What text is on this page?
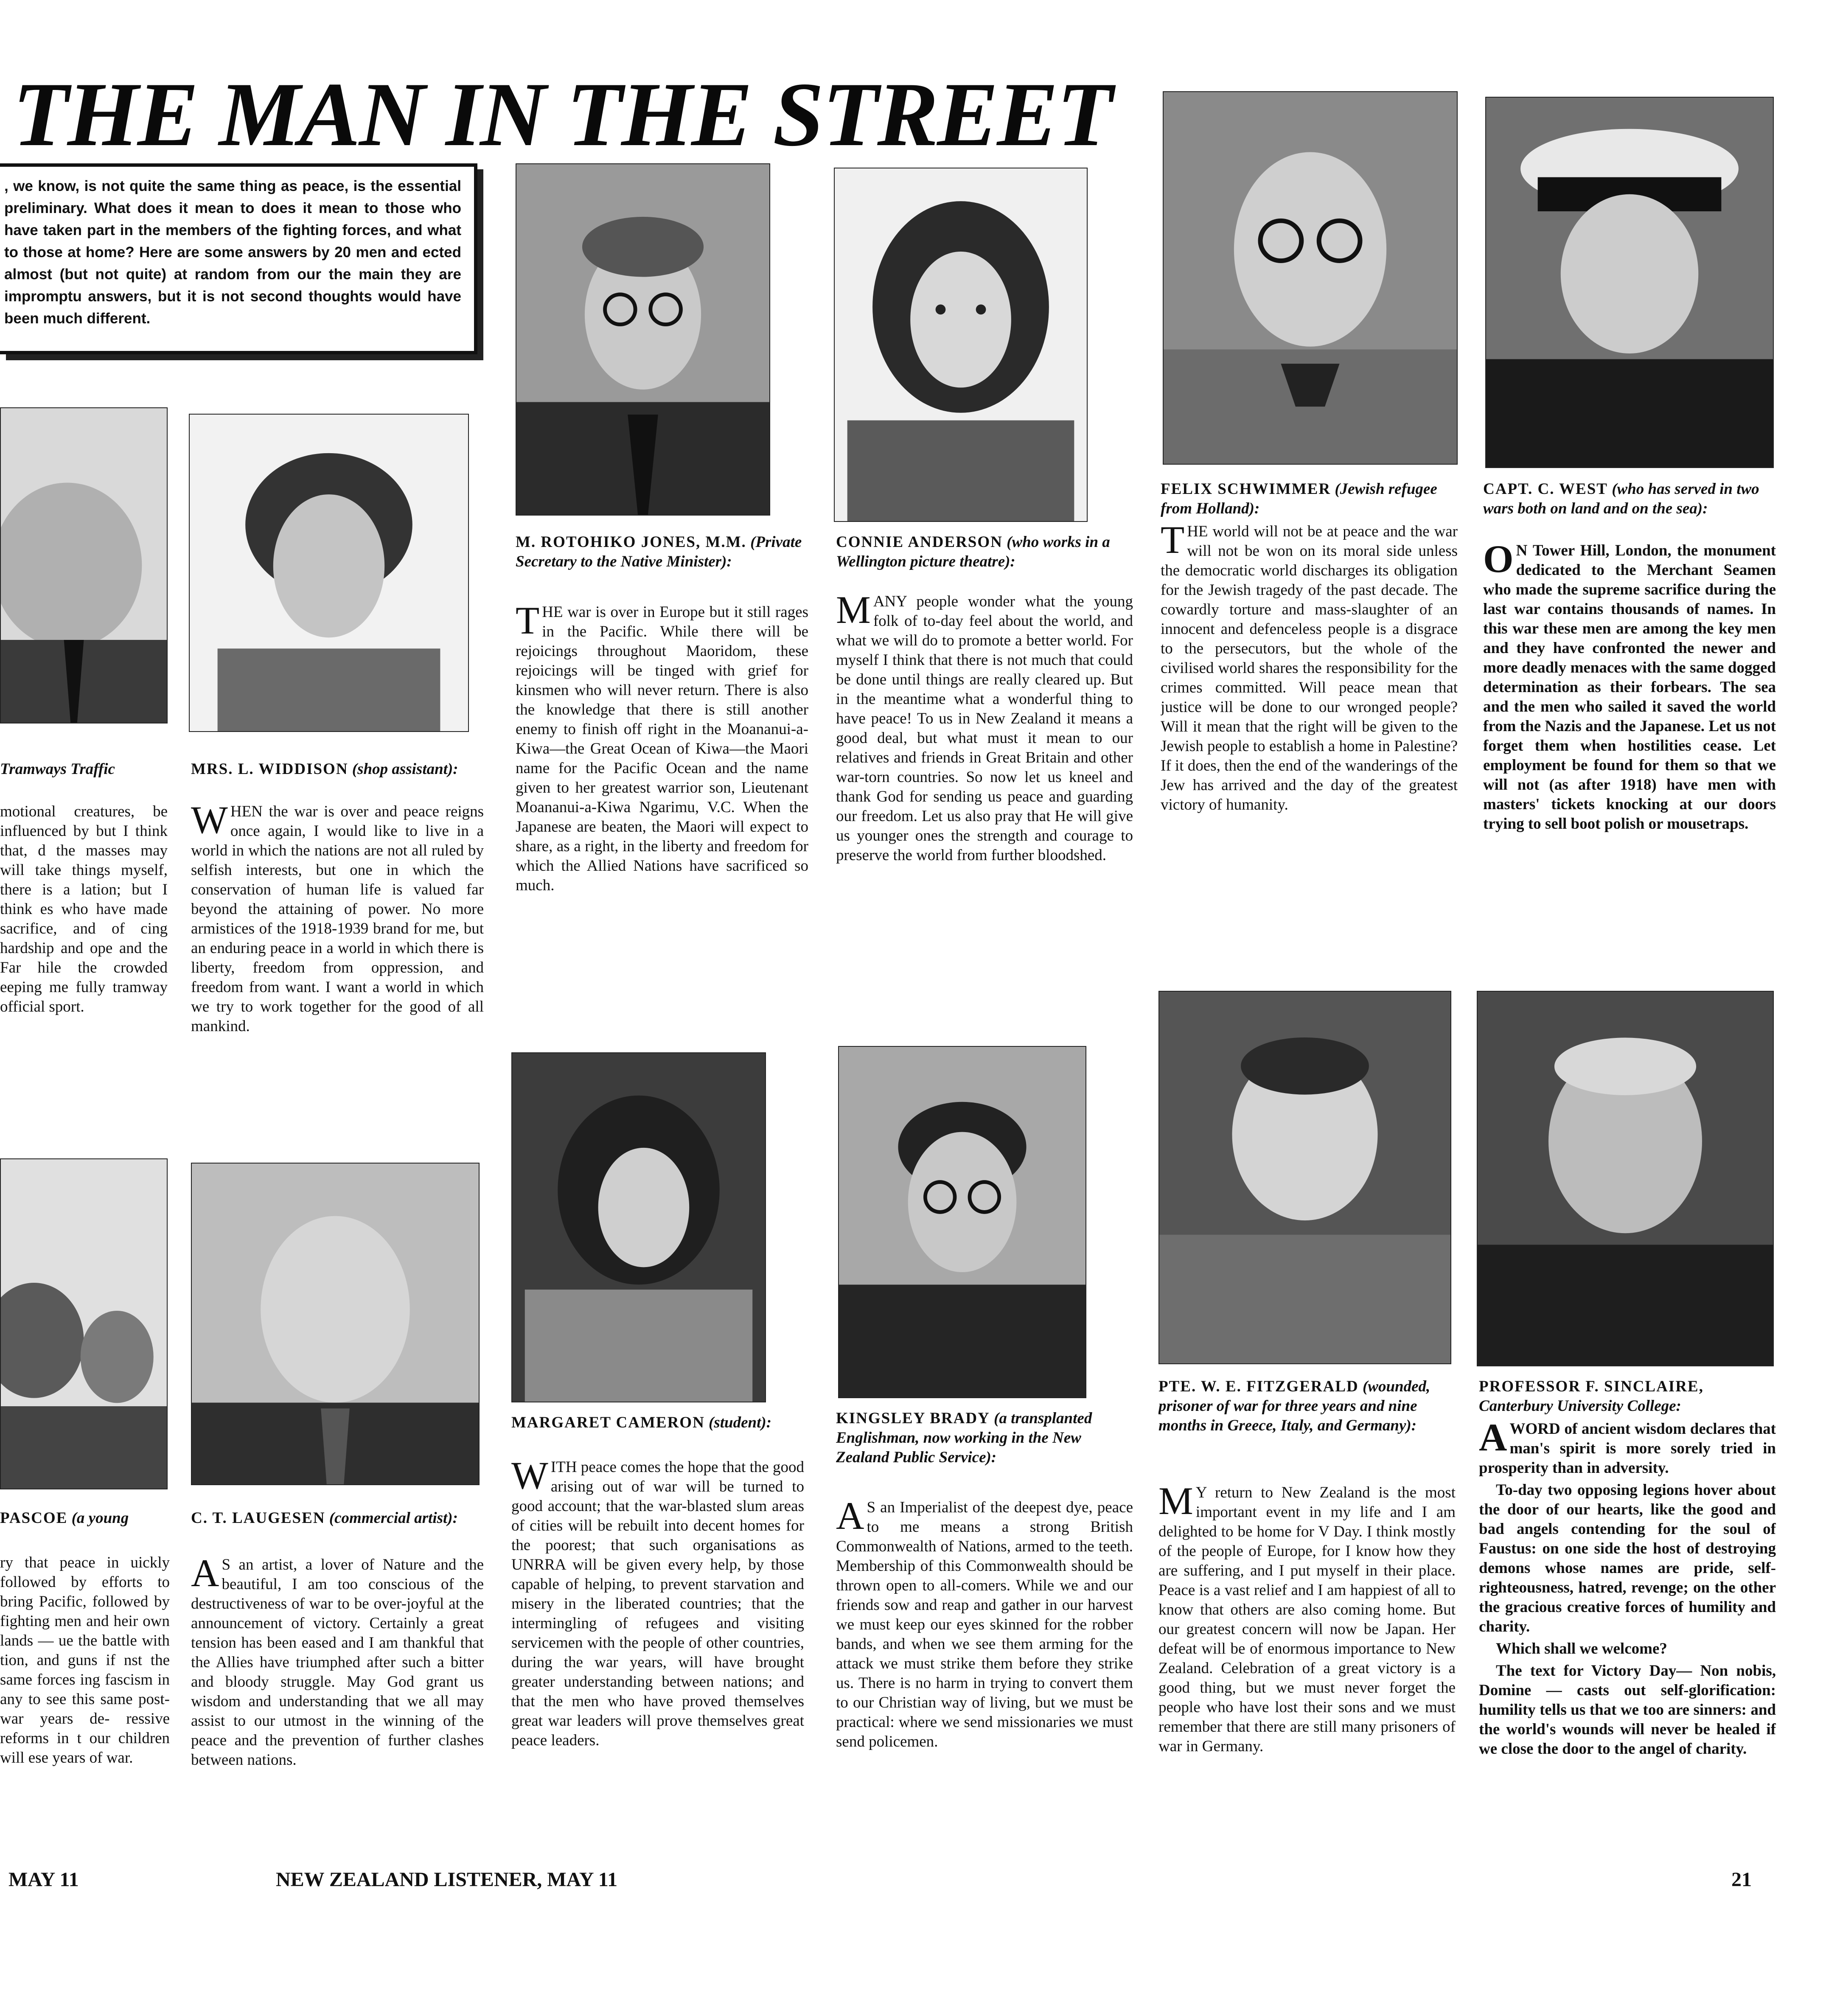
THE MAN IN THE STREET
, we know, is not quite the same thing as peace, is the essential preliminary. What does it mean to does it mean to those who have taken part in the members of the fighting forces, and what to those at home? Here are some answers by 20 men and ected almost (but not quite) at random from our the main they are impromptu answers, but it is not second thoughts would have been much different.
Tramways Traffic

motional creatures, be influenced by but I think that, d the masses may will take things myself, there is a lation; but I think es who have made sacrifice, and of cing hardship and ope and the Far hile the crowded eeping me fully tramway official sport.

MRS. L. WIDDISON (shop assistant):

WHEN the war is over and peace reigns once again, I would like to live in a world in which the nations are not all ruled by selfish interests, but one in which the conservation of human life is valued far beyond the attaining of power. No more armistices of the 1918-1939 brand for me, but an enduring peace in a world in which there is liberty, freedom from oppression, and freedom from want. I want a world in which we try to work together for the good of all mankind.

M. ROTOHIKO JONES, M.M. (Private Secretary to the Native Minister):

THE war is over in Europe but it still rages in the Pacific. While there will be rejoicings throughout Maoridom, these rejoicings will be tinged with grief for kinsmen who will never return. There is also the knowledge that there is still another enemy to finish off right in the Moananui-a-Kiwa—the Great Ocean of Kiwa—the Maori name for the Pacific Ocean and the name given to her greatest warrior son, Lieutenant Moananui-a-Kiwa Ngarimu, V.C. When the Japanese are beaten, the Maori will expect to share, as a right, in the liberty and freedom for which the Allied Nations have sacrificed so much.

CONNIE ANDERSON (who works in a Wellington picture theatre):

MANY people wonder what the young folk of to-day feel about the world, and what we will do to promote a better world. For myself I think that there is not much that could be done until things are really cleared up. But in the meantime what a wonderful thing to have peace! To us in New Zealand it means a good deal, but what must it mean to our relatives and friends in Great Britain and other war-torn countries. So now let us kneel and thank God for sending us peace and guarding our freedom. Let us also pray that He will give us younger ones the strength and courage to preserve the world from further bloodshed.

FELIX SCHWIMMER (Jewish refugee from Holland):

THE world will not be at peace and the war will not be won on its moral side unless the democratic world discharges its obligation for the Jewish tragedy of the past decade. The cowardly torture and mass-slaughter of an innocent and defenceless people is a disgrace to the persecutors, but the whole of the civilised world shares the responsibility for the crimes committed. Will peace mean that justice will be done to our wronged people? Will it mean that the right will be given to the Jewish people to establish a home in Palestine? If it does, then the end of the wanderings of the Jew has arrived and the day of the greatest victory of humanity.

CAPT. C. WEST (who has served in two wars both on land and on the sea):

O N Tower Hill, London, the monument dedicated to the Merchant Seamen who made the supreme sacrifice during the last war contains thousands of names. In this war these men are among the key men and they have confronted the newer and more deadly menaces with the same dogged determination as their forbears. The sea and the men who sailed it saved the world from the Nazis and the Japanese. Let us not forget them when hostilities cease. Let employment be found for them so that we will not (as after 1918) have men with masters' tickets knocking at our doors trying to sell boot polish or mousetraps.

PASCOE (a young

ry that peace in uickly followed by efforts to bring Pacific, followed by fighting men and heir own lands — ue the battle with tion, and guns if nst the same forces ing fascism in any to see this same post-war years de- ressive reforms in t our children will ese years of war.

C. T. LAUGESEN (commercial artist):

A S an artist, a lover of Nature and the beautiful, I am too conscious of the destructiveness of war to be over-joyful at the announcement of victory. Certainly a great tension has been eased and I am thankful that the Allies have triumphed after such a bitter and bloody struggle. May God grant us wisdom and understanding that we all may assist to our utmost in the winning of the peace and the prevention of further clashes between nations.

MARGARET CAMERON (student):

WITH peace comes the hope that the good arising out of war will be turned to good account; that the war-blasted slum areas of cities will be rebuilt into decent homes for the poorest; that such organisations as UNRRA will be given every help, by those capable of helping, to prevent starvation and misery in the liberated countries; that the intermingling of refugees and visiting servicemen with the people of other countries, during the war years, will have brought greater understanding between nations; and that the men who have proved themselves great war leaders will prove themselves great peace leaders.

KINGSLEY BRADY (a transplanted Englishman, now working in the New Zealand Public Service):

A S an Imperialist of the deepest dye, peace to me means a strong British Commonwealth of Nations, armed to the teeth. Membership of this Commonwealth should be thrown open to all-comers. While we and our friends sow and reap and gather in our harvest we must keep our eyes skinned for the robber bands, and when we see them arming for the attack we must strike them before they strike us. There is no harm in trying to convert them to our Christian way of living, but we must be practical: where we send missionaries we must send policemen.

PTE. W. E. FITZGERALD (wounded, prisoner of war for three years and nine months in Greece, Italy, and Germany):

M Y return to New Zealand is the most important event in my life and I am delighted to be home for V Day. I think mostly of the people of Europe, for I know how they are suffering, and I put myself in their place. Peace is a vast relief and I am happiest of all to know that others are also coming home. But our greatest concern will now be Japan. Her defeat will be of enormous importance to New Zealand. Celebration of a great victory is a good thing, but we must never forget the people who have lost their sons and we must remember that there are still many prisoners of war in Germany.

PROFESSOR F. SINCLAIRE, Canterbury University College:

AWORD of ancient wisdom declares that man's spirit is more sorely tried in prosperity than in adversity.

To-day two opposing legions hover about the door of our hearts, like the good and bad angels contending for the soul of Faustus: on one side the host of destroying demons whose names are pride, self-righteousness, hatred, revenge; on the other the gracious creative forces of humility and charity.

Which shall we welcome?

The text for Victory Day— Non nobis, Domine — casts out self-glorification: humility tells us that we too are sinners: and the world's wounds will never be healed if we close the door to the angel of charity.

MAY 11	NEW ZEALAND LISTENER, MAY 11	21
